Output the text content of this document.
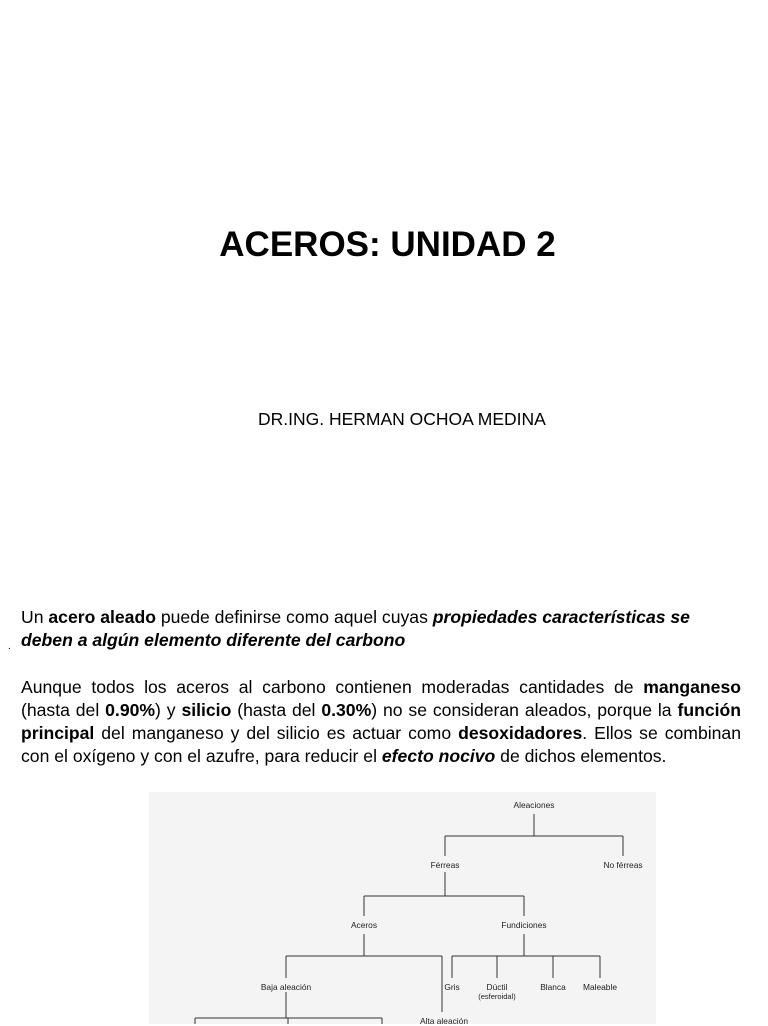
ACEROS: UNIDAD 2
DR.ING. HERMAN OCHOA MEDINA

Un acero aleado puede definirse como aquel cuyas propiedades características se deben a algún elemento diferente del carbono

.

Aunque todos los aceros al carbono contienen moderadas cantidades de manganeso (hasta del 0.90%) y silicio (hasta del 0.30%) no se consideran aleados, porque la función principal del manganeso y del silicio es actuar como desoxidadores. Ellos se combinan con el oxígeno y con el azufre, para reducir el efecto nocivo de dichos elementos.

Aleaciones
Férreas	No férreas
Aceros	Fundiciones
Baja aleación
Alta aleación
Gris	Dúctil
(esferoidal)
Blanca	Maleable
